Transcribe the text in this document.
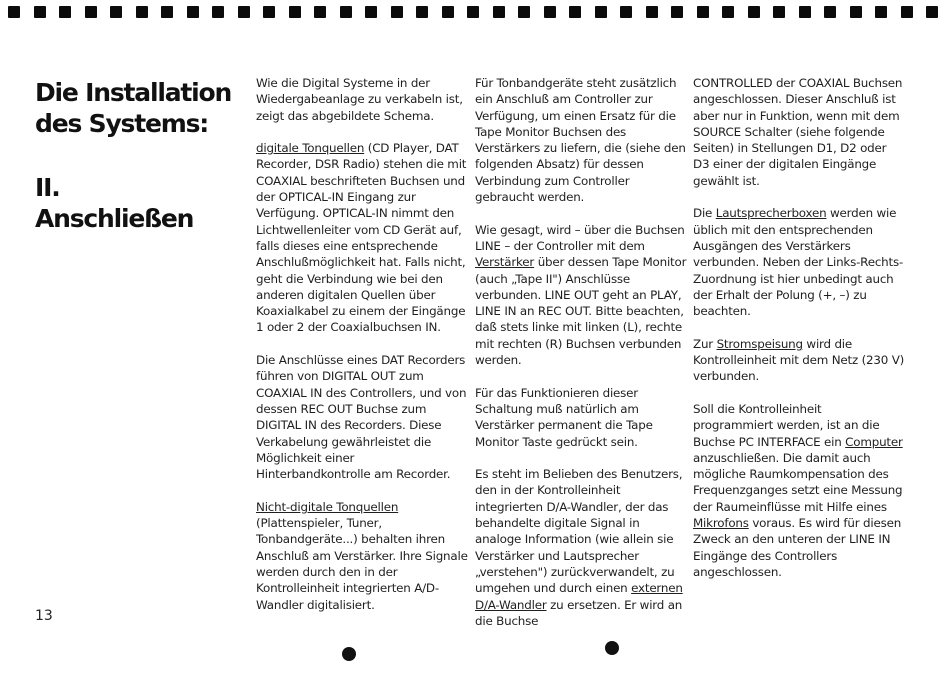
Die Installation
des Systems:
II.
Anschließen

Wie die Digital Systeme in der Wiedergabeanlage zu verkabeln ist, zeigt das abgebildete Schema.

digitale Tonquellen (CD Player, DAT Recorder, DSR Radio) stehen die mit COAXIAL beschrifteten Buchsen und der OPTICAL-IN Eingang zur Verfügung. OPTICAL-IN nimmt den Lichtwellenleiter vom CD Gerät auf, falls dieses eine entsprechende Anschlußmöglichkeit hat. Falls nicht, geht die Verbindung wie bei den anderen digitalen Quellen über Koaxialkabel zu einem der Eingänge 1 oder 2 der Coaxialbuchsen IN.

Die Anschlüsse eines DAT Recorders führen von DIGITAL OUT zum COAXIAL IN des Controllers, und von dessen REC OUT Buchse zum DIGITAL IN des Recorders. Diese Verkabelung gewährleistet die Möglichkeit einer Hinterbandkontrolle am Recorder.

Nicht-digitale Tonquellen (Plattenspieler, Tuner, Tonbandgeräte...) behalten ihren Anschluß am Verstärker. Ihre Signale werden durch den in der Kontrolleinheit integrierten A/D-Wandler digitalisiert.

Für Tonbandgeräte steht zusätzlich ein Anschluß am Controller zur Verfügung, um einen Ersatz für die Tape Monitor Buchsen des Verstärkers zu liefern, die (siehe den folgenden Absatz) für dessen Verbindung zum Controller gebraucht werden.

Wie gesagt, wird – über die Buchsen LINE – der Controller mit dem Verstärker über dessen Tape Monitor (auch „Tape II") Anschlüsse verbunden. LINE OUT geht an PLAY, LINE IN an REC OUT. Bitte beachten, daß stets linke mit linken (L), rechte mit rechten (R) Buchsen verbunden werden.

Für das Funktionieren dieser Schaltung muß natürlich am Verstärker permanent die Tape Monitor Taste gedrückt sein.

Es steht im Belieben des Benutzers, den in der Kontrolleinheit integrierten D/A-Wandler, der das behandelte digitale Signal in analoge Information (wie allein sie Verstärker und Lautsprecher „verstehen") zurückverwandelt, zu umgehen und durch einen externen D/A-Wandler zu ersetzen. Er wird an die Buchse

CONTROLLED der COAXIAL Buchsen angeschlossen. Dieser Anschluß ist aber nur in Funktion, wenn mit dem SOURCE Schalter (siehe folgende Seiten) in Stellungen D1, D2 oder D3 einer der digitalen Eingänge gewählt ist.

Die Lautsprecherboxen werden wie üblich mit den entsprechenden Ausgängen des Verstärkers verbunden. Neben der Links-Rechts-Zuordnung ist hier unbedingt auch der Erhalt der Polung (+, –) zu beachten.

Zur Stromspeisung wird die Kontrolleinheit mit dem Netz (230 V) verbunden.

Soll die Kontrolleinheit programmiert werden, ist an die Buchse PC INTERFACE ein Computer anzuschließen. Die damit auch mögliche Raumkompensation des Frequenzganges setzt eine Messung der Raumeinflüsse mit Hilfe eines Mikrofons voraus. Es wird für diesen Zweck an den unteren der LINE IN Eingänge des Controllers angeschlossen.

13
